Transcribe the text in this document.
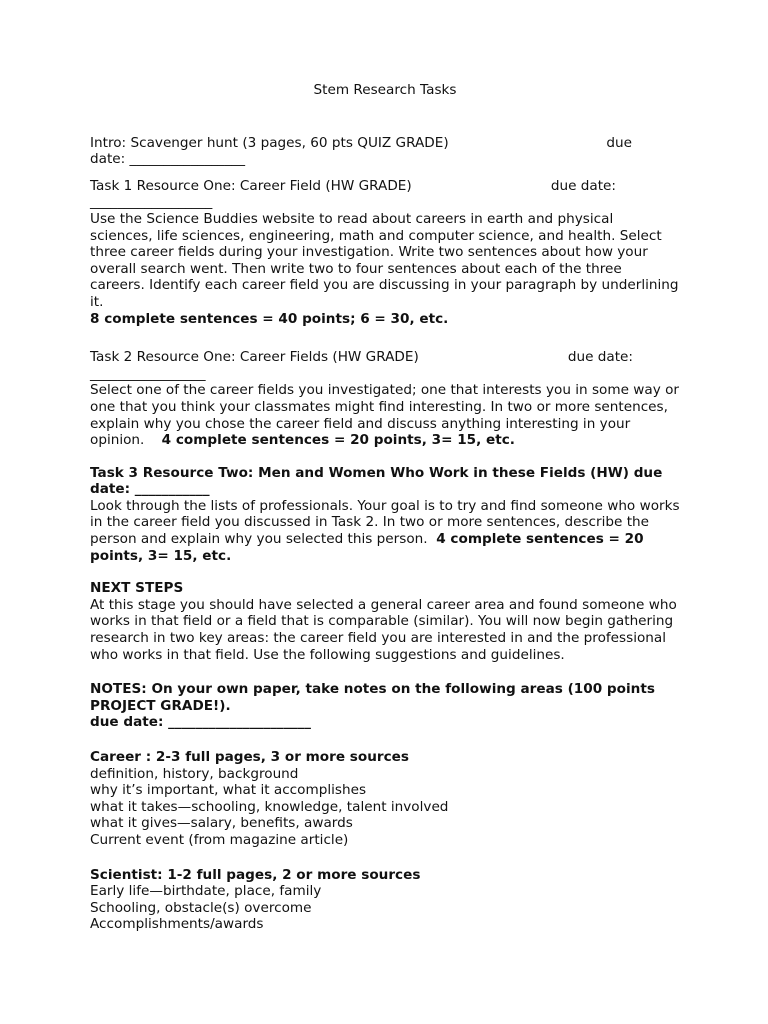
Stem Research Tasks
Intro: Scavenger hunt (3 pages, 60 pts QUIZ GRADE)	due

date: _________________

Task 1 Resource One: Career Field (HW GRADE)	due date:

__________________

Use the Science Buddies website to read about careers in earth and physical sciences, life sciences, engineering, math and computer science, and health. Select three career fields during your investigation. Write two sentences about how your overall search went. Then write two to four sentences about each of the three careers. Identify each career field you are discussing in your paragraph by underlining it.

8 complete sentences = 40 points; 6 = 30, etc.

Task 2 Resource One: Career Fields (HW GRADE)	due date:

_________________

Select one of the career fields you investigated; one that interests you in some way or one that you think your classmates might find interesting. In two or more sentences, explain why you chose the career field and discuss anything interesting in your opinion. 4 complete sentences = 20 points, 3= 15, etc.

Task 3 Resource Two: Men and Women Who Work in these Fields (HW) due date: ___________

Look through the lists of professionals. Your goal is to try and find someone who works in the career field you discussed in Task 2. In two or more sentences, describe the person and explain why you selected this person. 4 complete sentences = 20 points, 3= 15, etc.

NEXT STEPS

At this stage you should have selected a general career area and found someone who works in that field or a field that is comparable (similar). You will now begin gathering research in two key areas: the career field you are interested in and the professional who works in that field. Use the following suggestions and guidelines.

NOTES: On your own paper, take notes on the following areas (100 points PROJECT GRADE!).

due date: _____________________

Career : 2-3 full pages, 3 or more sources

definition, history, background

why it’s important, what it accomplishes

what it takes—schooling, knowledge, talent involved

what it gives—salary, benefits, awards

Current event (from magazine article)

Scientist: 1-2 full pages, 2 or more sources

Early life—birthdate, place, family

Schooling, obstacle(s) overcome

Accomplishments/awards
